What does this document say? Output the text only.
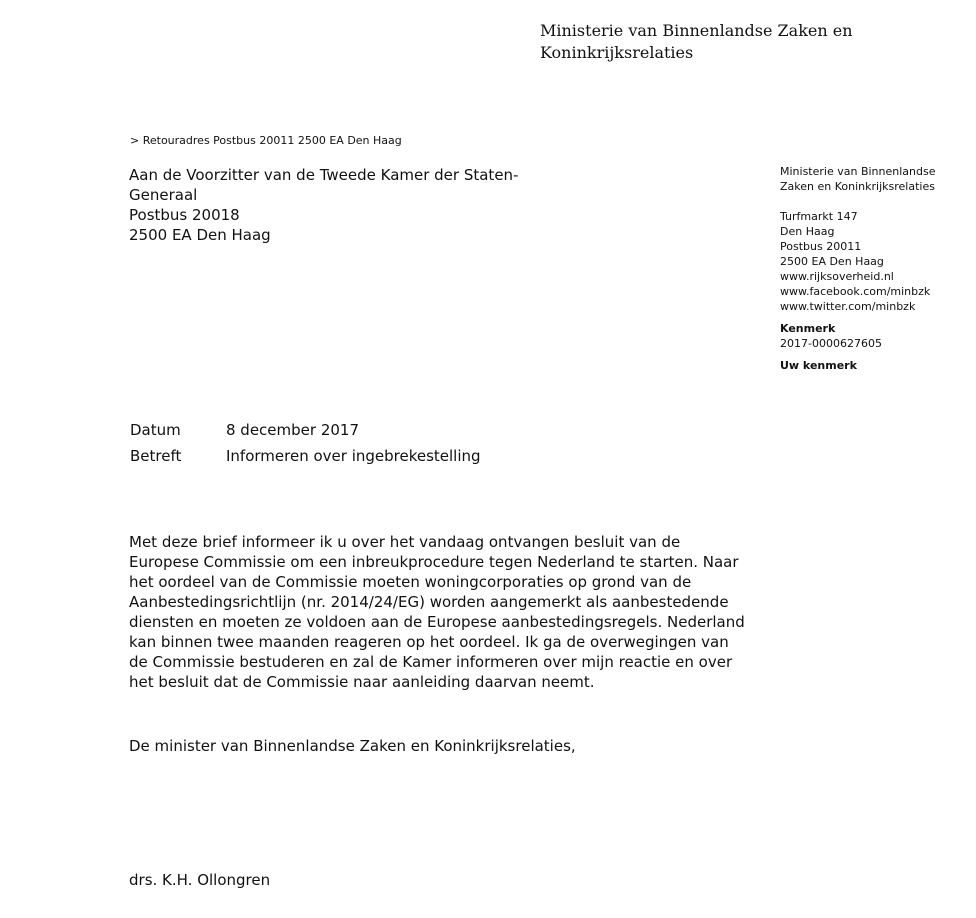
Ministerie van Binnenlandse Zaken en
Koninkrijksrelaties
> Retouradres Postbus 20011 2500 EA Den Haag
Aan de Voorzitter van de Tweede Kamer der Staten-
Generaal
Postbus 20018
2500 EA Den Haag
Ministerie van Binnenlandse
Zaken en Koninkrijksrelaties
Turfmarkt 147
Den Haag
Postbus 20011
2500 EA Den Haag
www.rijksoverheid.nl
www.facebook.com/minbzk
www.twitter.com/minbzk
Kenmerk
2017-0000627605
Uw kenmerk
Datum	8 december 2017
Betreft	Informeren over ingebrekestelling
Met deze brief informeer ik u over het vandaag ontvangen besluit van de
Europese Commissie om een inbreukprocedure tegen Nederland te starten. Naar
het oordeel van de Commissie moeten woningcorporaties op grond van de
Aanbestedingsrichtlijn (nr. 2014/24/EG) worden aangemerkt als aanbestedende
diensten en moeten ze voldoen aan de Europese aanbestedingsregels. Nederland
kan binnen twee maanden reageren op het oordeel. Ik ga de overwegingen van
de Commissie bestuderen en zal de Kamer informeren over mijn reactie en over
het besluit dat de Commissie naar aanleiding daarvan neemt.
De minister van Binnenlandse Zaken en Koninkrijksrelaties,
drs. K.H. Ollongren
